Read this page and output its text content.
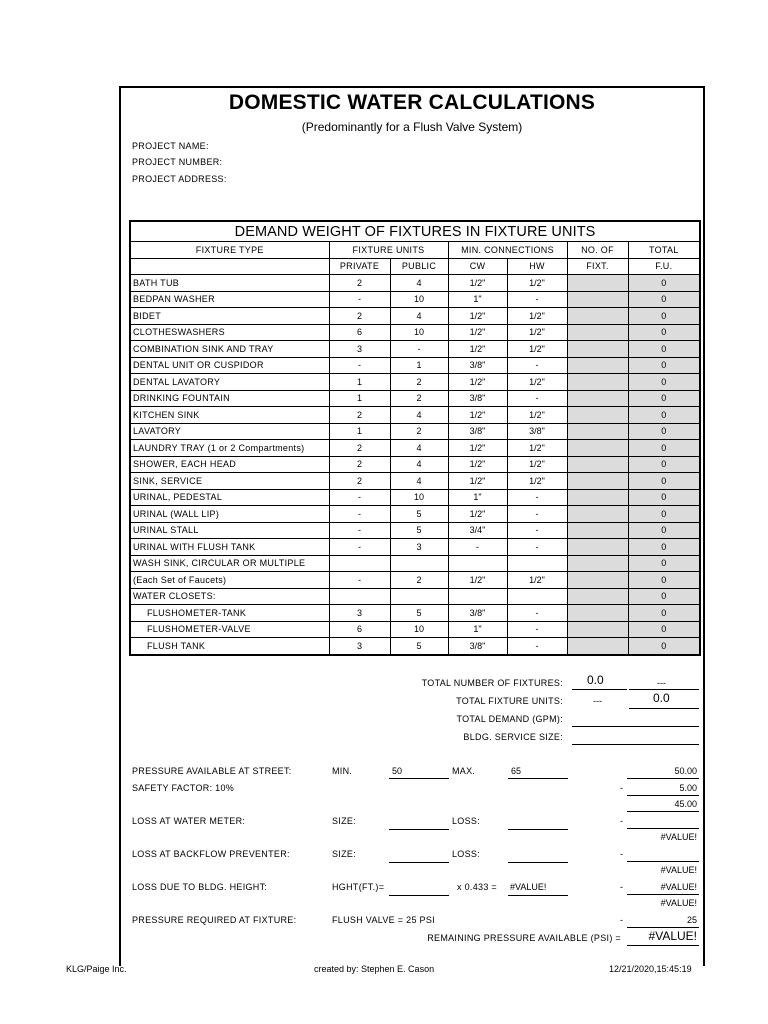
DOMESTIC WATER CALCULATIONS
(Predominantly for a Flush Valve System)
PROJECT NAME:
PROJECT NUMBER:
PROJECT ADDRESS:
DEMAND WEIGHT OF FIXTURES IN FIXTURE UNITS						
FIXTURE TYPE	FIXTURE UNITS		MIN. CONNECTIONS		NO. OF	TOTAL
	PRIVATE	PUBLIC	CW	HW	FIXT.	F.U.
BATH TUB	2	4	1/2"	1/2"		0
BEDPAN WASHER	-	10	1"	-		0
BIDET	2	4	1/2"	1/2"		0
CLOTHESWASHERS	6	10	1/2"	1/2"		0
COMBINATION SINK AND TRAY	3	-	1/2"	1/2"		0
DENTAL UNIT OR CUSPIDOR	-	1	3/8"	-		0
DENTAL LAVATORY	1	2	1/2"	1/2"		0
DRINKING FOUNTAIN	1	2	3/8"	-		0
KITCHEN SINK	2	4	1/2"	1/2"		0
LAVATORY	1	2	3/8"	3/8"		0
LAUNDRY TRAY (1 or 2 Compartments)	2	4	1/2"	1/2"		0
SHOWER, EACH HEAD	2	4	1/2"	1/2"		0
SINK, SERVICE	2	4	1/2"	1/2"		0
URINAL, PEDESTAL	-	10	1"	-		0
URINAL (WALL LIP)	-	5	1/2"	-		0
URINAL STALL	-	5	3/4"	-		0
URINAL WITH FLUSH TANK	-	3	-	-		0
WASH SINK, CIRCULAR OR MULTIPLE						0
(Each Set of Faucets)	-	2	1/2"	1/2"		0
WATER CLOSETS:						0
FLUSHOMETER-TANK	3	5	3/8"	-		0
FLUSHOMETER-VALVE	6	10	1"	-		0
FLUSH TANK	3	5	3/8"	-		0
TOTAL NUMBER OF FIXTURES: 0.0	---
TOTAL FIXTURE UNITS:	---	0.0
TOTAL DEMAND (GPM):
BLDG. SERVICE SIZE:
PRESSURE AVAILABLE AT STREET:	MIN.	50	MAX.	65	50.00
SAFETY FACTOR: 10%	-	5.00
45.00
LOSS AT WATER METER:	SIZE:	LOSS:	-
#VALUE!
LOSS AT BACKFLOW PREVENTER:	SIZE:	LOSS:	-
#VALUE!
LOSS DUE TO BLDG. HEIGHT:	HGHT(FT.)=	x 0.433 = #VALUE!	-	#VALUE!
#VALUE!
PRESSURE REQUIRED AT FIXTURE:	FLUSH VALVE = 25 PSI	-	25
REMAINING PRESSURE AVAILABLE (PSI) = #VALUE!
KLG/Paige Inc.	created by: Stephen E. Cason	12/21/2020,15:45:19
